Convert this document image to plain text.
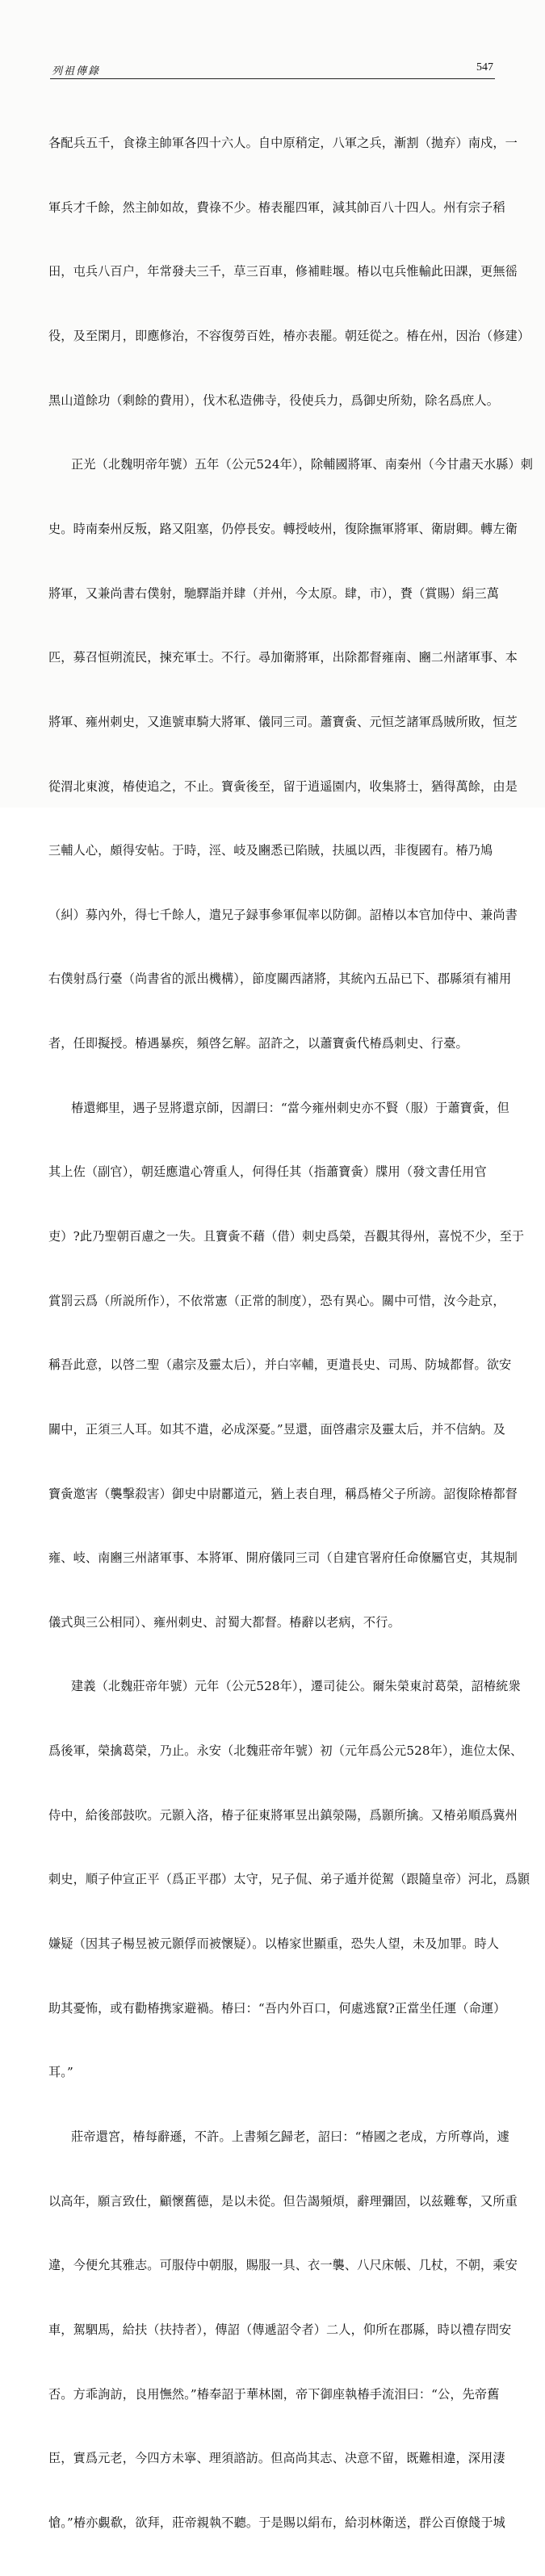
列祖傳錄	547

各配兵五千，食祿主帥軍各四十六人。自中原稍定，八軍之兵，漸割（拋弃）南戍，一

軍兵才千餘，然主帥如故，費祿不少。椿表罷四軍，減其帥百八十四人。州有宗子稻

田，屯兵八百户，年常發夫三千，草三百車，修補畦堰。椿以屯兵惟輸此田課，更無徭

役，及至閑月，即應修治，不容復勞百姓，椿亦表罷。朝廷從之。椿在州，因治（修建）

黑山道餘功（剩餘的費用），伐木私造佛寺，役使兵力，爲御史所劾，除名爲庶人。

正光（北魏明帝年號）五年（公元524年），除輔國將軍、南秦州（今甘肅天水縣）刺

史。時南秦州反叛，路又阻塞，仍停長安。轉授岐州，復除撫軍將軍、衛尉卿。轉左衛

將軍，又兼尚書右僕射，馳驛詣并肆（并州，今太原。肆，市），賚（賞賜）絹三萬

匹，募召恒朔流民，揀充軍士。不行。尋加衛將軍，出除都督雍南、豳二州諸軍事、本

將軍、雍州刺史，又進號車騎大將軍、儀同三司。蕭寶夤、元恒芝諸軍爲賊所敗，恒芝

從渭北東渡，椿使追之，不止。寶夤後至，留于逍遥園内，收集將士，猶得萬餘，由是

三輔人心，頗得安帖。于時，涇、岐及豳悉已陷賊，扶風以西，非復國有。椿乃鳩

（糾）募內外，得七千餘人，遣兄子録事參軍侃率以防御。詔椿以本官加侍中、兼尚書

右僕射爲行臺（尚書省的派出機構），節度關西諸將，其統內五品已下、郡縣須有補用

者，任即擬授。椿遇暴疾，頻啓乞解。詔許之，以蕭寶夤代椿爲刺史、行臺。

椿還鄉里，遇子昱將還京師，因謂曰：“當今雍州刺史亦不賢（服）于蕭寶夤，但

其上佐（副官），朝廷應遣心膂重人，何得任其（指蕭寶夤）牒用（發文書任用官

吏）?此乃聖朝百慮之一失。且寶夤不藉（借）刺史爲榮，吾觀其得州，喜悦不少，至于

賞罰云爲（所説所作），不依常憲（正常的制度），恐有異心。關中可惜，汝今赴京，

稱吾此意，以啓二聖（肅宗及靈太后），并白宰輔，更遣長史、司馬、防城都督。欲安

關中，正須三人耳。如其不遣，必成深憂。”昱還，面啓肅宗及靈太后，并不信納。及

寶夤邀害（襲擊殺害）御史中尉酈道元，猶上表自理，稱爲椿父子所謗。詔復除椿都督

雍、岐、南豳三州諸軍事、本將軍、開府儀同三司（自建官署府任命僚屬官吏，其規制

儀式與三公相同）、雍州刺史、討蜀大都督。椿辭以老病，不行。

建義（北魏莊帝年號）元年（公元528年），遷司徒公。爾朱榮東討葛榮，詔椿統衆

爲後軍，榮擒葛榮，乃止。永安（北魏莊帝年號）初（元年爲公元528年），進位太保、

侍中，給後部鼓吹。元顥入洛，椿子征東將軍昱出鎮滎陽，爲顥所擒。又椿弟順爲冀州

刺史，順子仲宣正平（爲正平郡）太守，兄子侃、弟子遁并從駕（跟隨皇帝）河北，爲顥

嫌疑（因其子楊昱被元顥俘而被懷疑）。以椿家世顯重，恐失人望，未及加罪。時人

助其憂怖，或有勸椿携家避禍。椿曰：“吾内外百口，何處逃竄?正當坐任運（命運）

耳。”

莊帝還宮，椿每辭遜，不許。上書頻乞歸老，詔曰：“椿國之老成，方所尊尚，遽

以高年，願言致仕，顧懷舊德，是以未從。但告謁頻煩，辭理彌固，以兹難奪，又所重

違，今便允其雅志。可服侍中朝服，賜服一具、衣一襲、八尺床帳、几杖，不朝，乘安

車，駕駟馬，給扶（扶持者），傳詔（傳遞詔令者）二人，仰所在郡縣，時以禮存問安

否。方乖詢訪，良用憮然。”椿奉詔于華林園，帝下御座執椿手流泪曰：“公，先帝舊

臣，實爲元老，今四方未寧、理須諮訪。但高尚其志、决意不留，既難相違，深用淒

愴。”椿亦覷欷，欲拜，莊帝親執不聽。于是賜以絹布，給羽林衛送，群公百僚餞于城
